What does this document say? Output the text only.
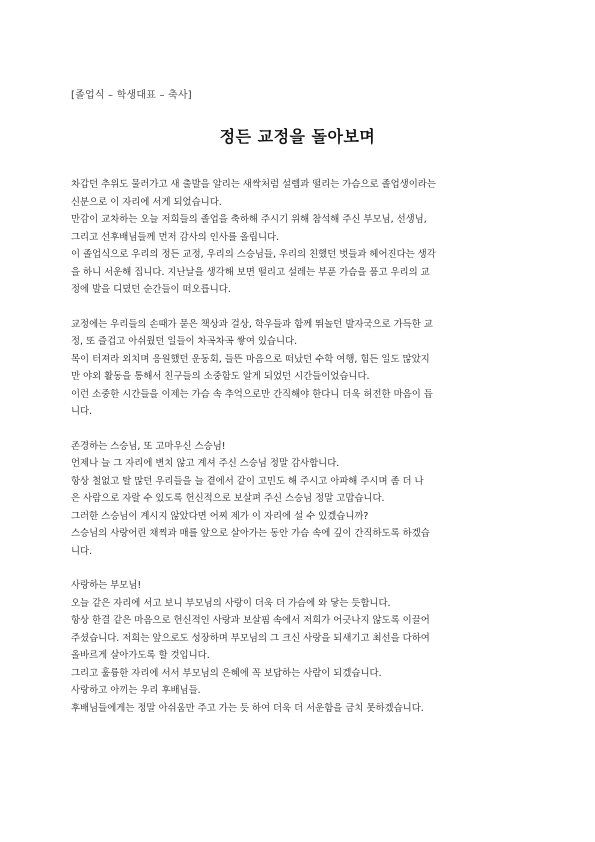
[졸업식 – 학생대표 – 축사]
정든 교정을 돌아보며
차갑던 추위도 물러가고 새 출발을 알리는 새싹처럼 설렘과 떨리는 가슴으로 졸업생이라는
신분으로 이 자리에 서게 되었습니다.
만감이 교차하는 오늘 저희들의 졸업을 축하해 주시기 위해 참석해 주신 부모님, 선생님,
그리고 선후배님들께 먼저 감사의 인사를 올립니다.
이 졸업식으로 우리의 정든 교정, 우리의 스승님들, 우리의 친했던 벗들과 헤어진다는 생각
을 하니 서운해 집니다. 지난날을 생각해 보면 떨리고 설레는 부푼 가슴을 품고 우리의 교
정에 발을 디뎠던 순간들이 떠오릅니다.
교정에는 우리들의 손때가 묻은 책상과 걸상, 학우들과 함께 뛰놀던 발자국으로 가득한 교
정, 또 즐겁고 아쉬웠던 일들이 차곡차곡 쌓여 있습니다.
목이 터져라 외치며 응원했던 운동회, 들뜬 마음으로 떠났던 수학 여행, 힘든 일도 많았지
만 야외 활동을 통해서 친구들의 소중함도 알게 되었던 시간들이었습니다.
이런 소중한 시간들을 이제는 가슴 속 추억으로만 간직해야 한다니 더욱 허전한 마음이 듭
니다.
존경하는 스승님, 또 고마우신 스승님!
언제나 늘 그 자리에 변치 않고 계셔 주신 스승님 정말 감사합니다.
항상 철없고 탈 많던 우리들을 늘 곁에서 같이 고민도 해 주시고 아파해 주시며 좀 더 나
은 사람으로 자랄 수 있도록 헌신적으로 보살펴 주신 스승님 정말 고맙습니다.
그러한 스승님이 계시지 않았다면 어찌 제가 이 자리에 설 수 있겠습니까?
스승님의 사랑어린 채찍과 매를 앞으로 살아가는 동안 가슴 속에 깊이 간직하도록 하겠습
니다.
사랑하는 부모님!
오늘 같은 자리에 서고 보니 부모님의 사랑이 더욱 더 가슴에 와 닿는 듯합니다.
항상 한결 같은 마음으로 헌신적인 사랑과 보살핌 속에서 저희가 어긋나지 않도록 이끌어
주셨습니다. 저희는 앞으로도 성장하며 부모님의 그 크신 사랑을 되새기고 최선을 다하여
올바르게 살아가도록 할 것입니다.
그리고 훌륭한 자리에 서서 부모님의 은혜에 꼭 보답하는 사람이 되겠습니다.
사랑하고 아끼는 우리 후배님들.
후배님들에게는 정말 아쉬움만 주고 가는 듯 하여 더욱 더 서운함을 금치 못하겠습니다.
